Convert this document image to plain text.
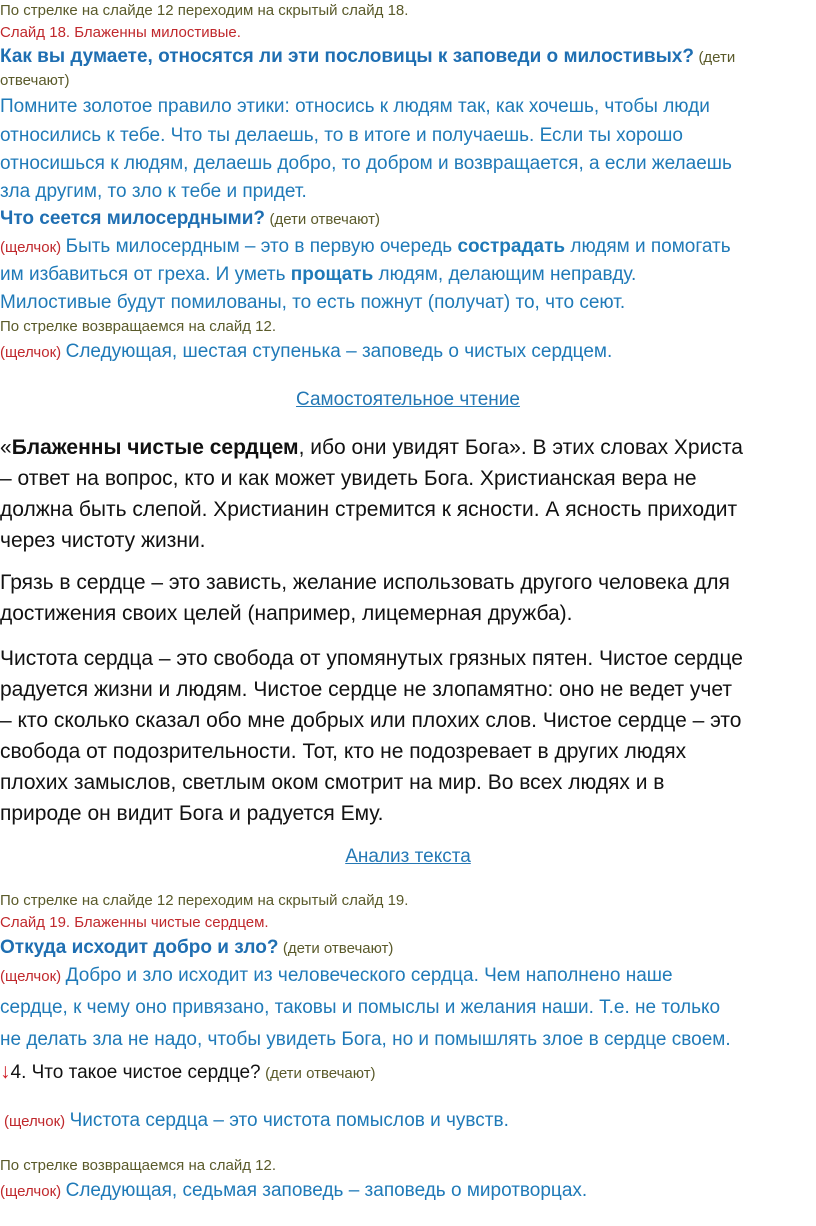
По стрелке на слайде 12 переходим на скрытый слайд 18.
Слайд 18. Блаженны милостивые.
Как вы думаете, относятся ли эти пословицы к заповеди о милостивых? (дети
отвечают)
Помните золотое правило этики: относись к людям так, как хочешь, чтобы люди
относились к тебе. Что ты делаешь, то в итоге и получаешь. Если ты хорошо
относишься к людям, делаешь добро, то добром и возвращается, а если желаешь
зла другим, то зло к тебе и придет.
Что сеется милосердными? (дети отвечают)
(щелчок) Быть милосердным – это в первую очередь сострадать людям и помогать
им избавиться от греха. И уметь прощать людям, делающим неправду.
Милостивые будут помилованы, то есть пожнут (получат) то, что сеют.
По стрелке возвращаемся на слайд 12.
(щелчок) Следующая, шестая ступенька – заповедь о чистых сердцем.
Самостоятельное чтение
«Блаженны чистые сердцем, ибо они увидят Бога». В этих словах Христа
– ответ на вопрос, кто и как может увидеть Бога. Христианская вера не
должна быть слепой. Христианин стремится к ясности. А ясность приходит
через чистоту жизни.
Грязь в сердце – это зависть, желание использовать другого человека для
достижения своих целей (например, лицемерная дружба).
Чистота сердца – это свобода от упомянутых грязных пятен. Чистое сердце
радуется жизни и людям. Чистое сердце не злопамятно: оно не ведет учет
– кто сколько сказал обо мне добрых или плохих слов. Чистое сердце – это
свобода от подозрительности. Тот, кто не подозревает в других людях
плохих замыслов, светлым оком смотрит на мир. Во всех людях и в
природе он видит Бога и радуется Ему.
Анализ текста
По стрелке на слайде 12 переходим на скрытый слайд 19.
Слайд 19. Блаженны чистые сердцем.
Откуда исходит добро и зло? (дети отвечают)
(щелчок) Добро и зло исходит из человеческого сердца. Чем наполнено наше
сердце, к чему оно привязано, таковы и помыслы и желания наши. Т.е. не только
не делать зла не надо, чтобы увидеть Бога, но и помышлять злое в сердце своем.
↓4. Что такое чистое сердце? (дети отвечают)
(щелчок) Чистота сердца – это чистота помыслов и чувств.
По стрелке возвращаемся на слайд 12.
(щелчок) Следующая, седьмая заповедь – заповедь о миротворцах.
